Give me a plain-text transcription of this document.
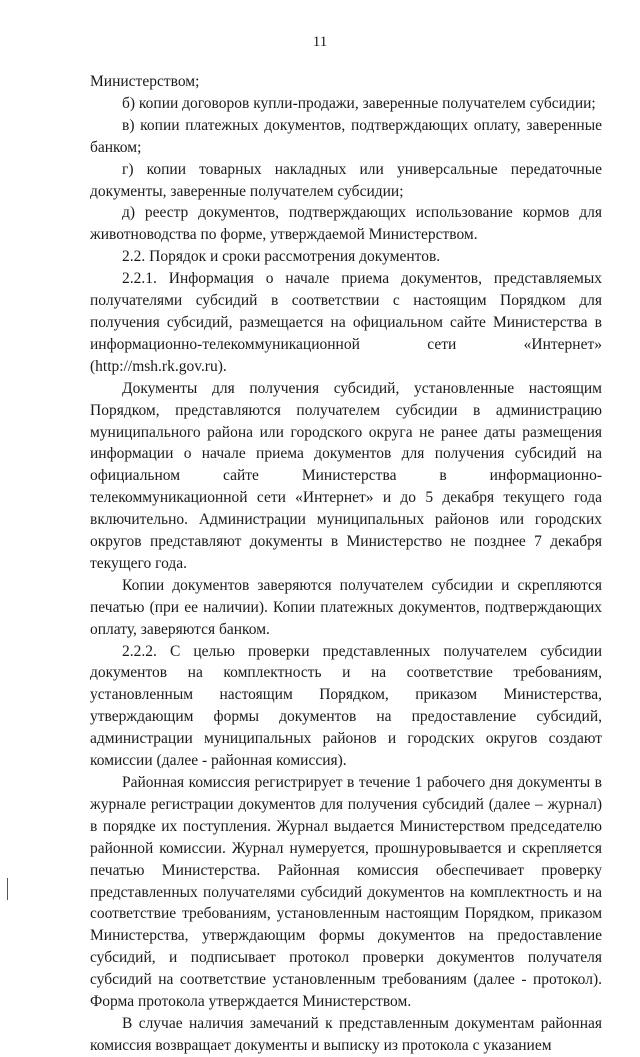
11

Министерством;

б) копии договоров купли-продажи, заверенные получателем субсидии;

в) копии платежных документов, подтверждающих оплату, заверенные банком;

г) копии товарных накладных или универсальные передаточные документы, заверенные получателем субсидии;

д) реестр документов, подтверждающих использование кормов для животноводства по форме, утверждаемой Министерством.

2.2. Порядок и сроки рассмотрения документов.

2.2.1. Информация о начале приема документов, представляемых получателями субсидий в соответствии с настоящим Порядком для получения субсидий, размещается на официальном сайте Министерства в информационно-телекоммуникационной сети «Интернет» (http://msh.rk.gov.ru).

Документы для получения субсидий, установленные настоящим Порядком, представляются получателем субсидии в администрацию муниципального района или городского округа не ранее даты размещения информации о начале приема документов для получения субсидий на официальном сайте Министерства в информационно-телекоммуникационной сети «Интернет» и до 5 декабря текущего года включительно. Администрации муниципальных районов или городских округов представляют документы в Министерство не позднее 7 декабря текущего года.

Копии документов заверяются получателем субсидии и скрепляются печатью (при ее наличии). Копии платежных документов, подтверждающих оплату, заверяются банком.

2.2.2. С целью проверки представленных получателем субсидии документов на комплектность и на соответствие требованиям, установленным настоящим Порядком, приказом Министерства, утверждающим формы документов на предоставление субсидий, администрации муниципальных районов и городских округов создают комиссии (далее - районная комиссия).

Районная комиссия регистрирует в течение 1 рабочего дня документы в журнале регистрации документов для получения субсидий (далее – журнал) в порядке их поступления. Журнал выдается Министерством председателю районной комиссии. Журнал нумеруется, прошнуровывается и скрепляется печатью Министерства. Районная комиссия обеспечивает проверку представленных получателями субсидий документов на комплектность и на соответствие требованиям, установленным настоящим Порядком, приказом Министерства, утверждающим формы документов на предоставление субсидий, и подписывает протокол проверки документов получателя субсидий на соответствие установленным требованиям (далее - протокол). Форма протокола утверждается Министерством.

В случае наличия замечаний к представленным документам районная комиссия возвращает документы и выписку из протокола с указанием
